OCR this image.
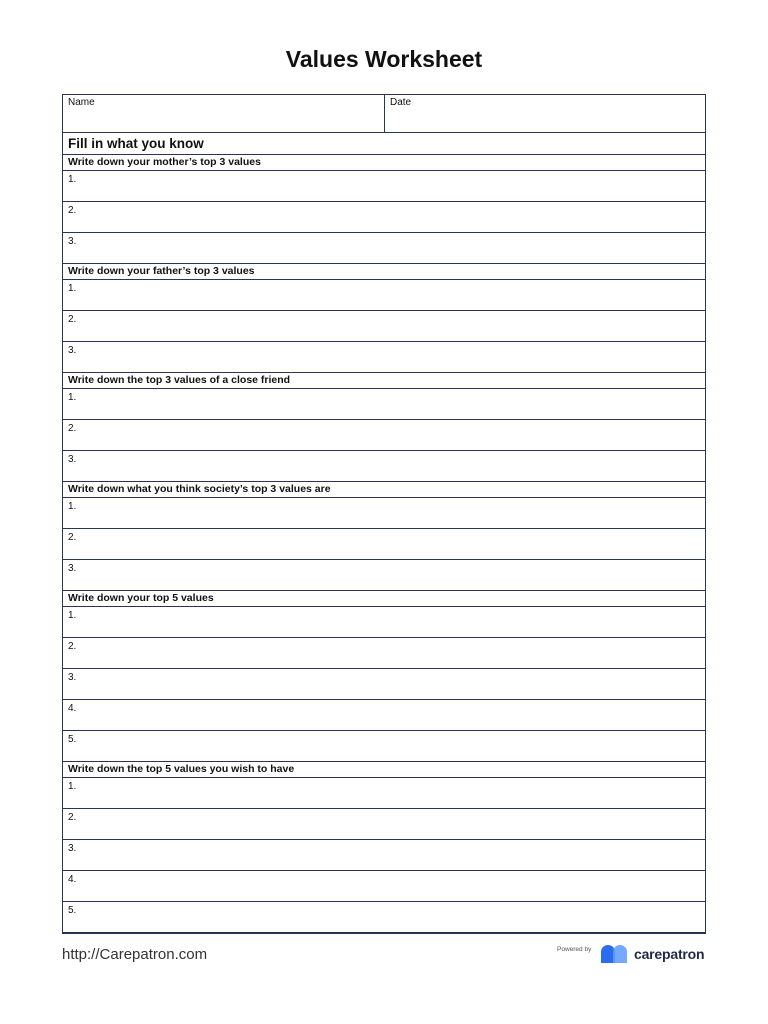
Values Worksheet
Name	Date
Fill in what you know
Write down your mother’s top 3 values
1.
2.
3.
Write down your father’s top 3 values
1.
2.
3.
Write down the top 3 values of a close friend
1.
2.
3.
Write down what you think society’s top 3 values are
1.
2.
3.
Write down your top 5 values
1.
2.
3.
4.
5.
Write down the top 5 values you wish to have
1.
2.
3.
4.
5.
http://Carepatron.com	Powered by	carepatron
